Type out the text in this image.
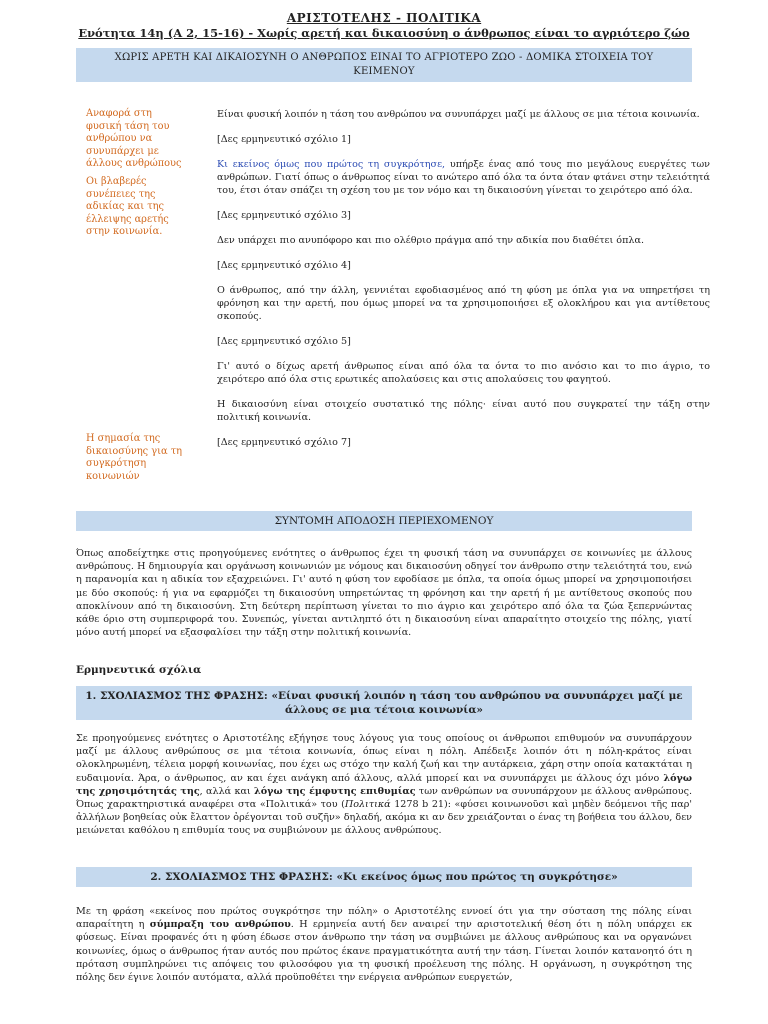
ΑΡΙΣΤΟΤΕΛΗΣ - ΠΟΛΙΤΙΚΑ
Ενότητα 14η (Α 2, 15-16) - Χωρίς αρετή και δικαιοσύνη ο άνθρωπος είναι το αγριότερο ζώο
ΧΩΡΙΣ ΑΡΕΤΗ ΚΑΙ ΔΙΚΑΙΟΣΥΝΗ Ο ΑΝΘΡΩΠΟΣ ΕΙΝΑΙ ΤΟ ΑΓΡΙΟΤΕΡΟ ΖΩΟ - ΔΟΜΙΚΑ ΣΤΟΙΧΕΙΑ ΤΟΥ ΚΕΙΜΕΝΟΥ
Αναφορά στη φυσική τάση του ανθρώπου να συνυπάρχει με άλλους ανθρώπους
Οι βλαβερές συνέπειες της αδικίας και της έλλειψης αρετής στην κοινωνία.
Η σημασία της δικαιοσύνης για τη συγκρότηση κοινωνιών

Είναι φυσική λοιπόν η τάση του ανθρώπου να συνυπάρχει μαζί με άλλους σε μια τέτοια κοινωνία.

[Δες ερμηνευτικό σχόλιο 1]

Κι εκείνος όμως που πρώτος τη συγκρότησε, υπήρξε ένας από τους πιο μεγάλους ευεργέτες των ανθρώπων. Γιατί όπως ο άνθρωπος είναι το ανώτερο από όλα τα όντα όταν φτάνει στην τελειότητά του, έτσι όταν σπάζει τη σχέση του με τον νόμο και τη δικαιοσύνη γίνεται το χειρότερο από όλα.

[Δες ερμηνευτικό σχόλιο 3]

Δεν υπάρχει πιο ανυπόφορο και πιο ολέθριο πράγμα από την αδικία που διαθέτει όπλα.

[Δες ερμηνευτικό σχόλιο 4]

Ο άνθρωπος, από την άλλη, γεννιέται εφοδιασμένος από τη φύση με όπλα για να υπηρετήσει τη φρόνηση και την αρετή, που όμως μπορεί να τα χρησιμοποιήσει εξ ολοκλήρου και για αντίθετους σκοπούς.

[Δες ερμηνευτικό σχόλιο 5]

Γι' αυτό ο δίχως αρετή άνθρωπος είναι από όλα τα όντα το πιο ανόσιο και το πιο άγριο, το χειρότερο από όλα στις ερωτικές απολαύσεις και στις απολαύσεις του φαγητού.

Η δικαιοσύνη είναι στοιχείο συστατικό της πόλης· είναι αυτό που συγκρατεί την τάξη στην πολιτική κοινωνία.

[Δες ερμηνευτικό σχόλιο 7]

ΣΥΝΤΟΜΗ ΑΠΟΔΟΣΗ ΠΕΡΙΕΧΟΜΕΝΟΥ

Όπως αποδείχτηκε στις προηγούμενες ενότητες ο άνθρωπος έχει τη φυσική τάση να συνυπάρχει σε κοινωνίες με άλλους ανθρώπους. Η δημιουργία και οργάνωση κοινωνιών με νόμους και δικαιοσύνη οδηγεί τον άνθρωπο στην τελειότητά του, ενώ η παρανομία και η αδικία τον εξαχρειώνει. Γι' αυτό η φύση τον εφοδίασε με όπλα, τα οποία όμως μπορεί να χρησιμοποιήσει με δύο σκοπούς: ή για να εφαρμόζει τη δικαιοσύνη υπηρετώντας τη φρόνηση και την αρετή ή με αντίθετους σκοπούς που αποκλίνουν από τη δικαιοσύνη. Στη δεύτερη περίπτωση γίνεται το πιο άγριο και χειρότερο από όλα τα ζώα ξεπερνώντας κάθε όριο στη συμπεριφορά του. Συνεπώς, γίνεται αντιληπτό ότι η δικαιοσύνη είναι απαραίτητο στοιχείο της πόλης, γιατί μόνο αυτή μπορεί να εξασφαλίσει την τάξη στην πολιτική κοινωνία.

Ερμηνευτικά σχόλια
1. ΣΧΟΛΙΑΣΜΟΣ ΤΗΣ ΦΡΑΣΗΣ: «Είναι φυσική λοιπόν η τάση του ανθρώπου να συνυπάρχει μαζί με άλλους σε μια τέτοια κοινωνία»

Σε προηγούμενες ενότητες ο Αριστοτέλης εξήγησε τους λόγους για τους οποίους οι άνθρωποι επιθυμούν να συνυπάρχουν μαζί με άλλους ανθρώπους σε μια τέτοια κοινωνία, όπως είναι η πόλη. Απέδειξε λοιπόν ότι η πόλη-κράτος είναι ολοκληρωμένη, τέλεια μορφή κοινωνίας, που έχει ως στόχο την καλή ζωή και την αυτάρκεια, χάρη στην οποία κατακτάται η ευδαιμονία. Άρα, ο άνθρωπος, αν και έχει ανάγκη από άλλους, αλλά μπορεί και να συνυπάρχει με άλλους όχι μόνο λόγω της χρησιμότητάς της, αλλά και λόγω της έμφυτης επιθυμίας των ανθρώπων να συνυπάρχουν με άλλους ανθρώπους. Όπως χαρακτηριστικά αναφέρει στα «Πολιτικά» του (Πολιτικά 1278 b 21): «φύσει κοινωνοῦσι καὶ μηδὲν δεόμενοι τῆς παρ' ἀλλήλων βοηθείας οὐκ ἔλαττον ὀρέγονται τοῦ συζῆν» δηλαδή, ακόμα κι αν δεν χρειάζονται ο ένας τη βοήθεια του άλλου, δεν μειώνεται καθόλου η επιθυμία τους να συμβιώνουν με άλλους ανθρώπους.

2. ΣΧΟΛΙΑΣΜΟΣ ΤΗΣ ΦΡΑΣΗΣ: «Κι εκείνος όμως που πρώτος τη συγκρότησε»

Με τη φράση «εκείνος που πρώτος συγκρότησε την πόλη» ο Αριστοτέλης εννοεί ότι για την σύσταση της πόλης είναι απαραίτητη η σύμπραξη του ανθρώπου. Η ερμηνεία αυτή δεν αναιρεί την αριστοτελική θέση ότι η πόλη υπάρχει εκ φύσεως. Είναι προφανές ότι η φύση έδωσε στον άνθρωπο την τάση να συμβιώνει με άλλους ανθρώπους και να οργανώνει κοινωνίες, όμως ο άνθρωπος ήταν αυτός που πρώτος έκανε πραγματικότητα αυτή την τάση. Γίνεται λοιπόν κατανοητό ότι η πρόταση συμπληρώνει τις απόψεις του φιλοσόφου για τη φυσική προέλευση της πόλης. Η οργάνωση, η συγκρότηση της πόλης δεν έγινε λοιπόν αυτόματα, αλλά προϋποθέτει την ενέργεια ανθρώπων ευεργετών,
